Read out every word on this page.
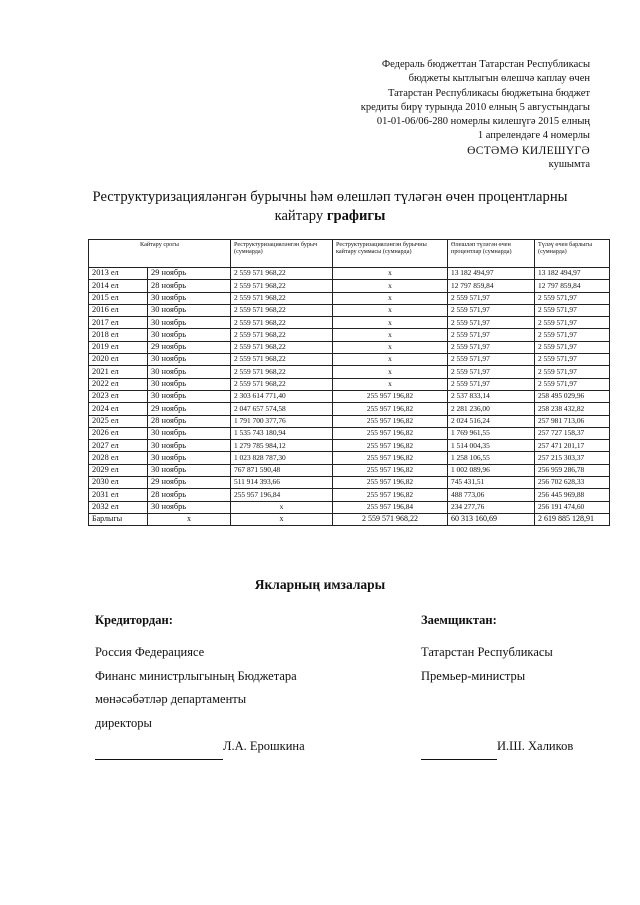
Федераль бюджеттан Татарстан Республикасы
бюджеты кытлыгын өлешчә каплау өчен
Татарстан Республикасы бюджетына бюджет
кредиты бирү турында 2010 елның 5 августындагы
01-01-06/06-280 номерлы килешүгә 2015 елның
1 апрелендәге 4 номерлы
ӨСТӘМӘ КИЛЕШҮГӘ
кушымта
Реструктуризацияләнгән бурычны һәм өлешләп түләгән өчен процентларны
кайтару графигы
Кайтару срогы		Реструктуризацияләнгән бурыч (сумнарда)	Реструктуризацияләнгән бурычны кайтару суммасы (сумнарда)	Өлешләп түләгән өчен процентлар (сумнарда)	Түләү өчен барлыгы (сумнарда)
2013 ел	29 ноябрь	2 559 571 968,22	x	13 182 494,97	13 182 494,97
2014 ел	28 ноябрь	2 559 571 968,22	x	12 797 859,84	12 797 859,84
2015 ел	30 ноябрь	2 559 571 968,22	x	2 559 571,97	2 559 571,97
2016 ел	30 ноябрь	2 559 571 968,22	x	2 559 571,97	2 559 571,97
2017 ел	30 ноябрь	2 559 571 968,22	x	2 559 571,97	2 559 571,97
2018 ел	30 ноябрь	2 559 571 968,22	x	2 559 571,97	2 559 571,97
2019 ел	29 ноябрь	2 559 571 968,22	x	2 559 571,97	2 559 571,97
2020 ел	30 ноябрь	2 559 571 968,22	x	2 559 571,97	2 559 571,97
2021 ел	30 ноябрь	2 559 571 968,22	x	2 559 571,97	2 559 571,97
2022 ел	30 ноябрь	2 559 571 968,22	x	2 559 571,97	2 559 571,97
2023 ел	30 ноябрь	2 303 614 771,40	255 957 196,82	2 537 833,14	258 495 029,96
2024 ел	29 ноябрь	2 047 657 574,58	255 957 196,82	2 281 236,00	258 238 432,82
2025 ел	28 ноябрь	1 791 700 377,76	255 957 196,82	2 024 516,24	257 981 713,06
2026 ел	30 ноябрь	1 535 743 180,94	255 957 196,82	1 769 961,55	257 727 158,37
2027 ел	30 ноябрь	1 279 785 984,12	255 957 196,82	1 514 004,35	257 471 201,17
2028 ел	30 ноябрь	1 023 828 787,30	255 957 196,82	1 258 106,55	257 215 303,37
2029 ел	30 ноябрь	767 871 590,48	255 957 196,82	1 002 089,96	256 959 286,78
2030 ел	29 ноябрь	511 914 393,66	255 957 196,82	745 431,51	256 702 628,33
2031 ел	28 ноябрь	255 957 196,84	255 957 196,82	488 773,06	256 445 969,88
2032 ел	30 ноябрь	x	255 957 196,84	234 277,76	256 191 474,60
Барлыгы	x	x	2 559 571 968,22	60 313 160,69	2 619 885 128,91
Якларның имзалары
Кредитордан:
Россия Федерациясе
Финанс министрлыгының Бюджетара
мөнәсәбәтләр департаменты
директоры
Л.А. Ерошкина
Заемщиктан:
Татарстан Республикасы
Премьер-министры

И.Ш. Халиков
